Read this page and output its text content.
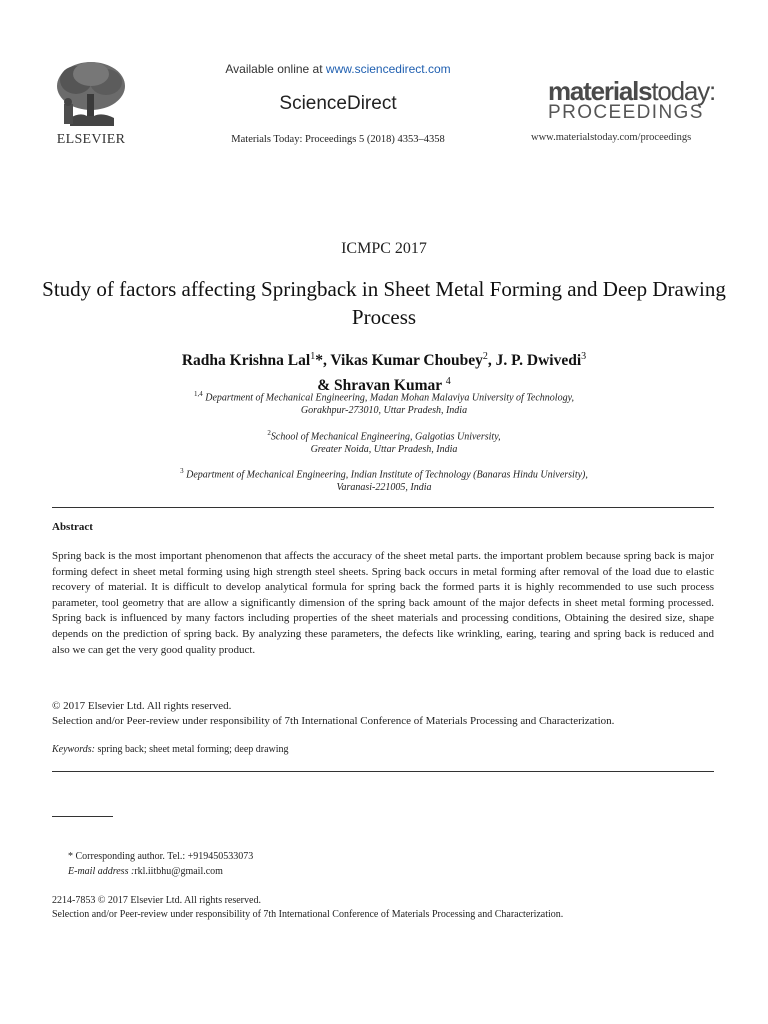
Available online at www.sciencedirect.com
ScienceDirect
Materials Today: Proceedings 5 (2018) 4353–4358
ELSEVIER
materialstoday:
PROCEEDINGS
www.materialstoday.com/proceedings
ICMPC 2017
Study of factors affecting Springback in Sheet Metal Forming and Deep Drawing Process
Radha Krishna Lal$^1$*, Vikas Kumar Choubey$^2$, J. P. Dwivedi$^3$
& Shravan Kumar $^4$
$^{1,4}$ Department of Mechanical Engineering, Madan Mohan Malaviya University of Technology,
Gorakhpur-273010, Uttar Pradesh, India
$^2$School of Mechanical Engineering, Galgotias University,
Greater Noida, Uttar Pradesh, India
$^3$ Department of Mechanical Engineering, Indian Institute of Technology (Banaras Hindu University),
Varanasi-221005, India
Abstract
Spring back is the most important phenomenon that affects the accuracy of the sheet metal parts. the important problem because spring back is major forming defect in sheet metal forming using high strength steel sheets. Spring back occurs in metal forming after removal of the load due to elastic recovery of material. It is difficult to develop analytical formula for spring back the formed parts it is highly recommended to use such process parameter, tool geometry that are allow a significantly dimension of the spring back amount of the major defects in sheet metal forming processed. Spring back is influenced by many factors including properties of the sheet materials and processing conditions, Obtaining the desired size, shape depends on the prediction of spring back. By analyzing these parameters, the defects like wrinkling, earing, tearing and spring back is reduced and also we can get the very good quality product.
© 2017 Elsevier Ltd. All rights reserved.
Selection and/or Peer-review under responsibility of 7th International Conference of Materials Processing and Characterization.
Keywords: spring back; sheet metal forming; deep drawing
* Corresponding author. Tel.: +919450533073
E-mail address :rkl.iitbhu@gmail.com
2214-7853 © 2017 Elsevier Ltd. All rights reserved.
Selection and/or Peer-review under responsibility of 7th International Conference of Materials Processing and Characterization.
